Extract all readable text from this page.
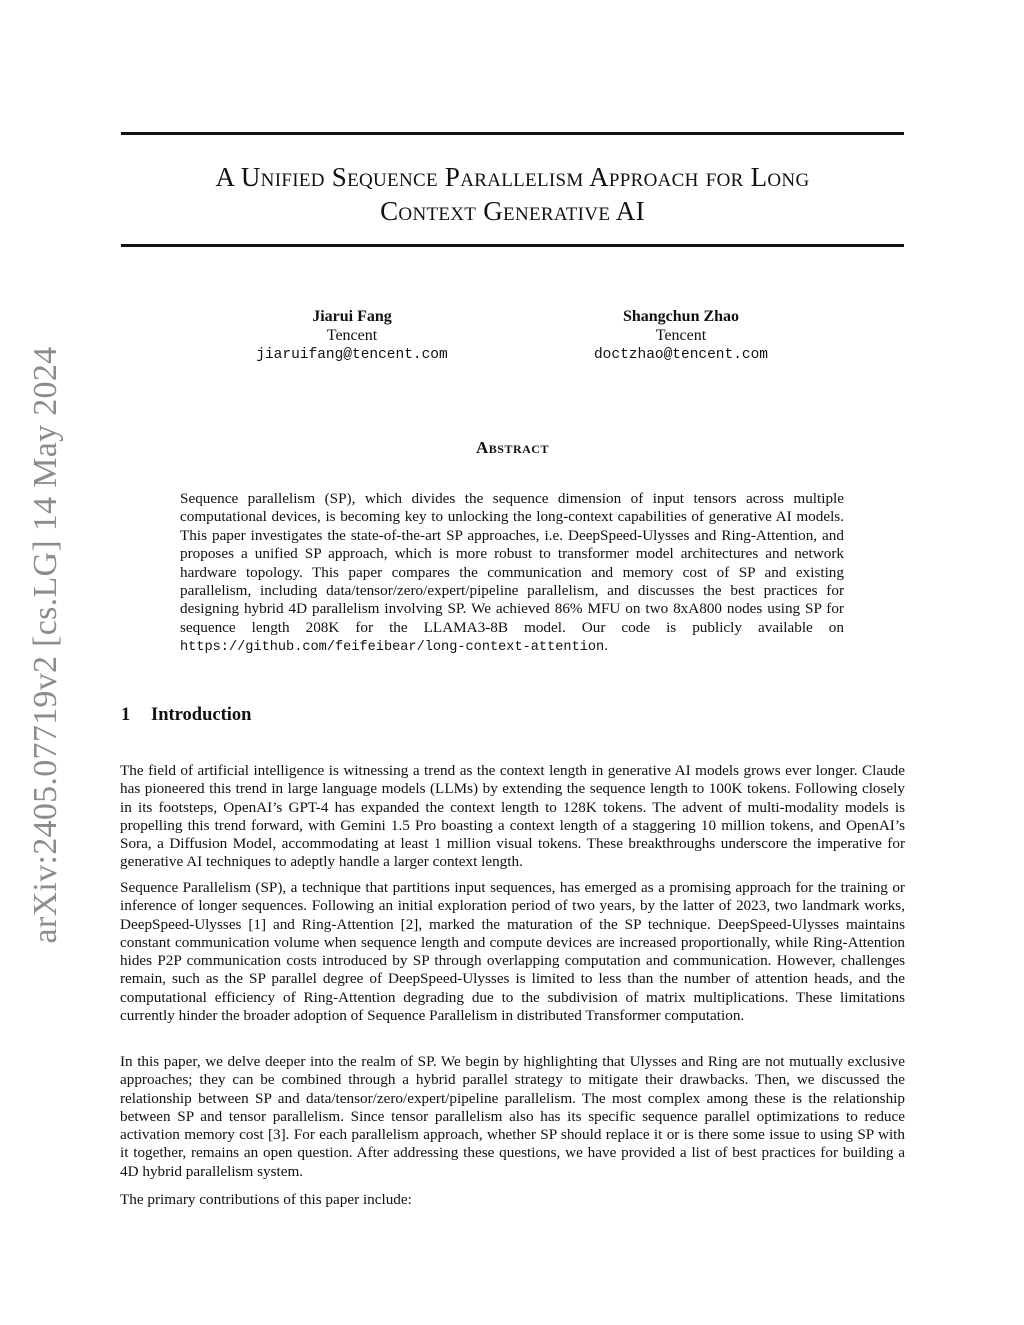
arXiv:2405.07719v2 [cs.LG] 14 May 2024
A Unified Sequence Parallelism Approach for Long
Context Generative AI
Jiarui Fang
Tencent
jiaruifang@tencent.com
Shangchun Zhao
Tencent
doctzhao@tencent.com
Abstract

Sequence parallelism (SP), which divides the sequence dimension of input tensors across multiple computational devices, is becoming key to unlocking the long-context capabilities of generative AI models. This paper investigates the state-of-the-art SP approaches, i.e. DeepSpeed-Ulysses and Ring-Attention, and proposes a unified SP approach, which is more robust to transformer model architectures and network hardware topology. This paper compares the communication and memory cost of SP and existing parallelism, including data/tensor/zero/expert/pipeline parallelism, and discusses the best practices for designing hybrid 4D parallelism involving SP. We achieved 86% MFU on two 8xA800 nodes using SP for sequence length 208K for the LLAMA3-8B model. Our code is publicly available on https://github.com/feifeibear/long-context-attention.

1 Introduction

The field of artificial intelligence is witnessing a trend as the context length in generative AI models grows ever longer. Claude has pioneered this trend in large language models (LLMs) by extending the sequence length to 100K tokens. Following closely in its footsteps, OpenAI’s GPT-4 has expanded the context length to 128K tokens. The advent of multi-modality models is propelling this trend forward, with Gemini 1.5 Pro boasting a context length of a staggering 10 million tokens, and OpenAI’s Sora, a Diffusion Model, accommodating at least 1 million visual tokens. These breakthroughs underscore the imperative for generative AI techniques to adeptly handle a larger context length.

Sequence Parallelism (SP), a technique that partitions input sequences, has emerged as a promising approach for the training or inference of longer sequences. Following an initial exploration period of two years, by the latter of 2023, two landmark works, DeepSpeed-Ulysses [1] and Ring-Attention [2], marked the maturation of the SP technique. DeepSpeed-Ulysses maintains constant communication volume when sequence length and compute devices are increased proportionally, while Ring-Attention hides P2P communication costs introduced by SP through overlapping computation and communication. However, challenges remain, such as the SP parallel degree of DeepSpeed-Ulysses is limited to less than the number of attention heads, and the computational efficiency of Ring-Attention degrading due to the subdivision of matrix multiplications. These limitations currently hinder the broader adoption of Sequence Parallelism in distributed Transformer computation.

In this paper, we delve deeper into the realm of SP. We begin by highlighting that Ulysses and Ring are not mutually exclusive approaches; they can be combined through a hybrid parallel strategy to mitigate their drawbacks. Then, we discussed the relationship between SP and data/tensor/zero/expert/pipeline parallelism. The most complex among these is the relationship between SP and tensor parallelism. Since tensor parallelism also has its specific sequence parallel optimizations to reduce activation memory cost [3]. For each parallelism approach, whether SP should replace it or is there some issue to using SP with it together, remains an open question. After addressing these questions, we have provided a list of best practices for building a 4D hybrid parallelism system.

The primary contributions of this paper include:
